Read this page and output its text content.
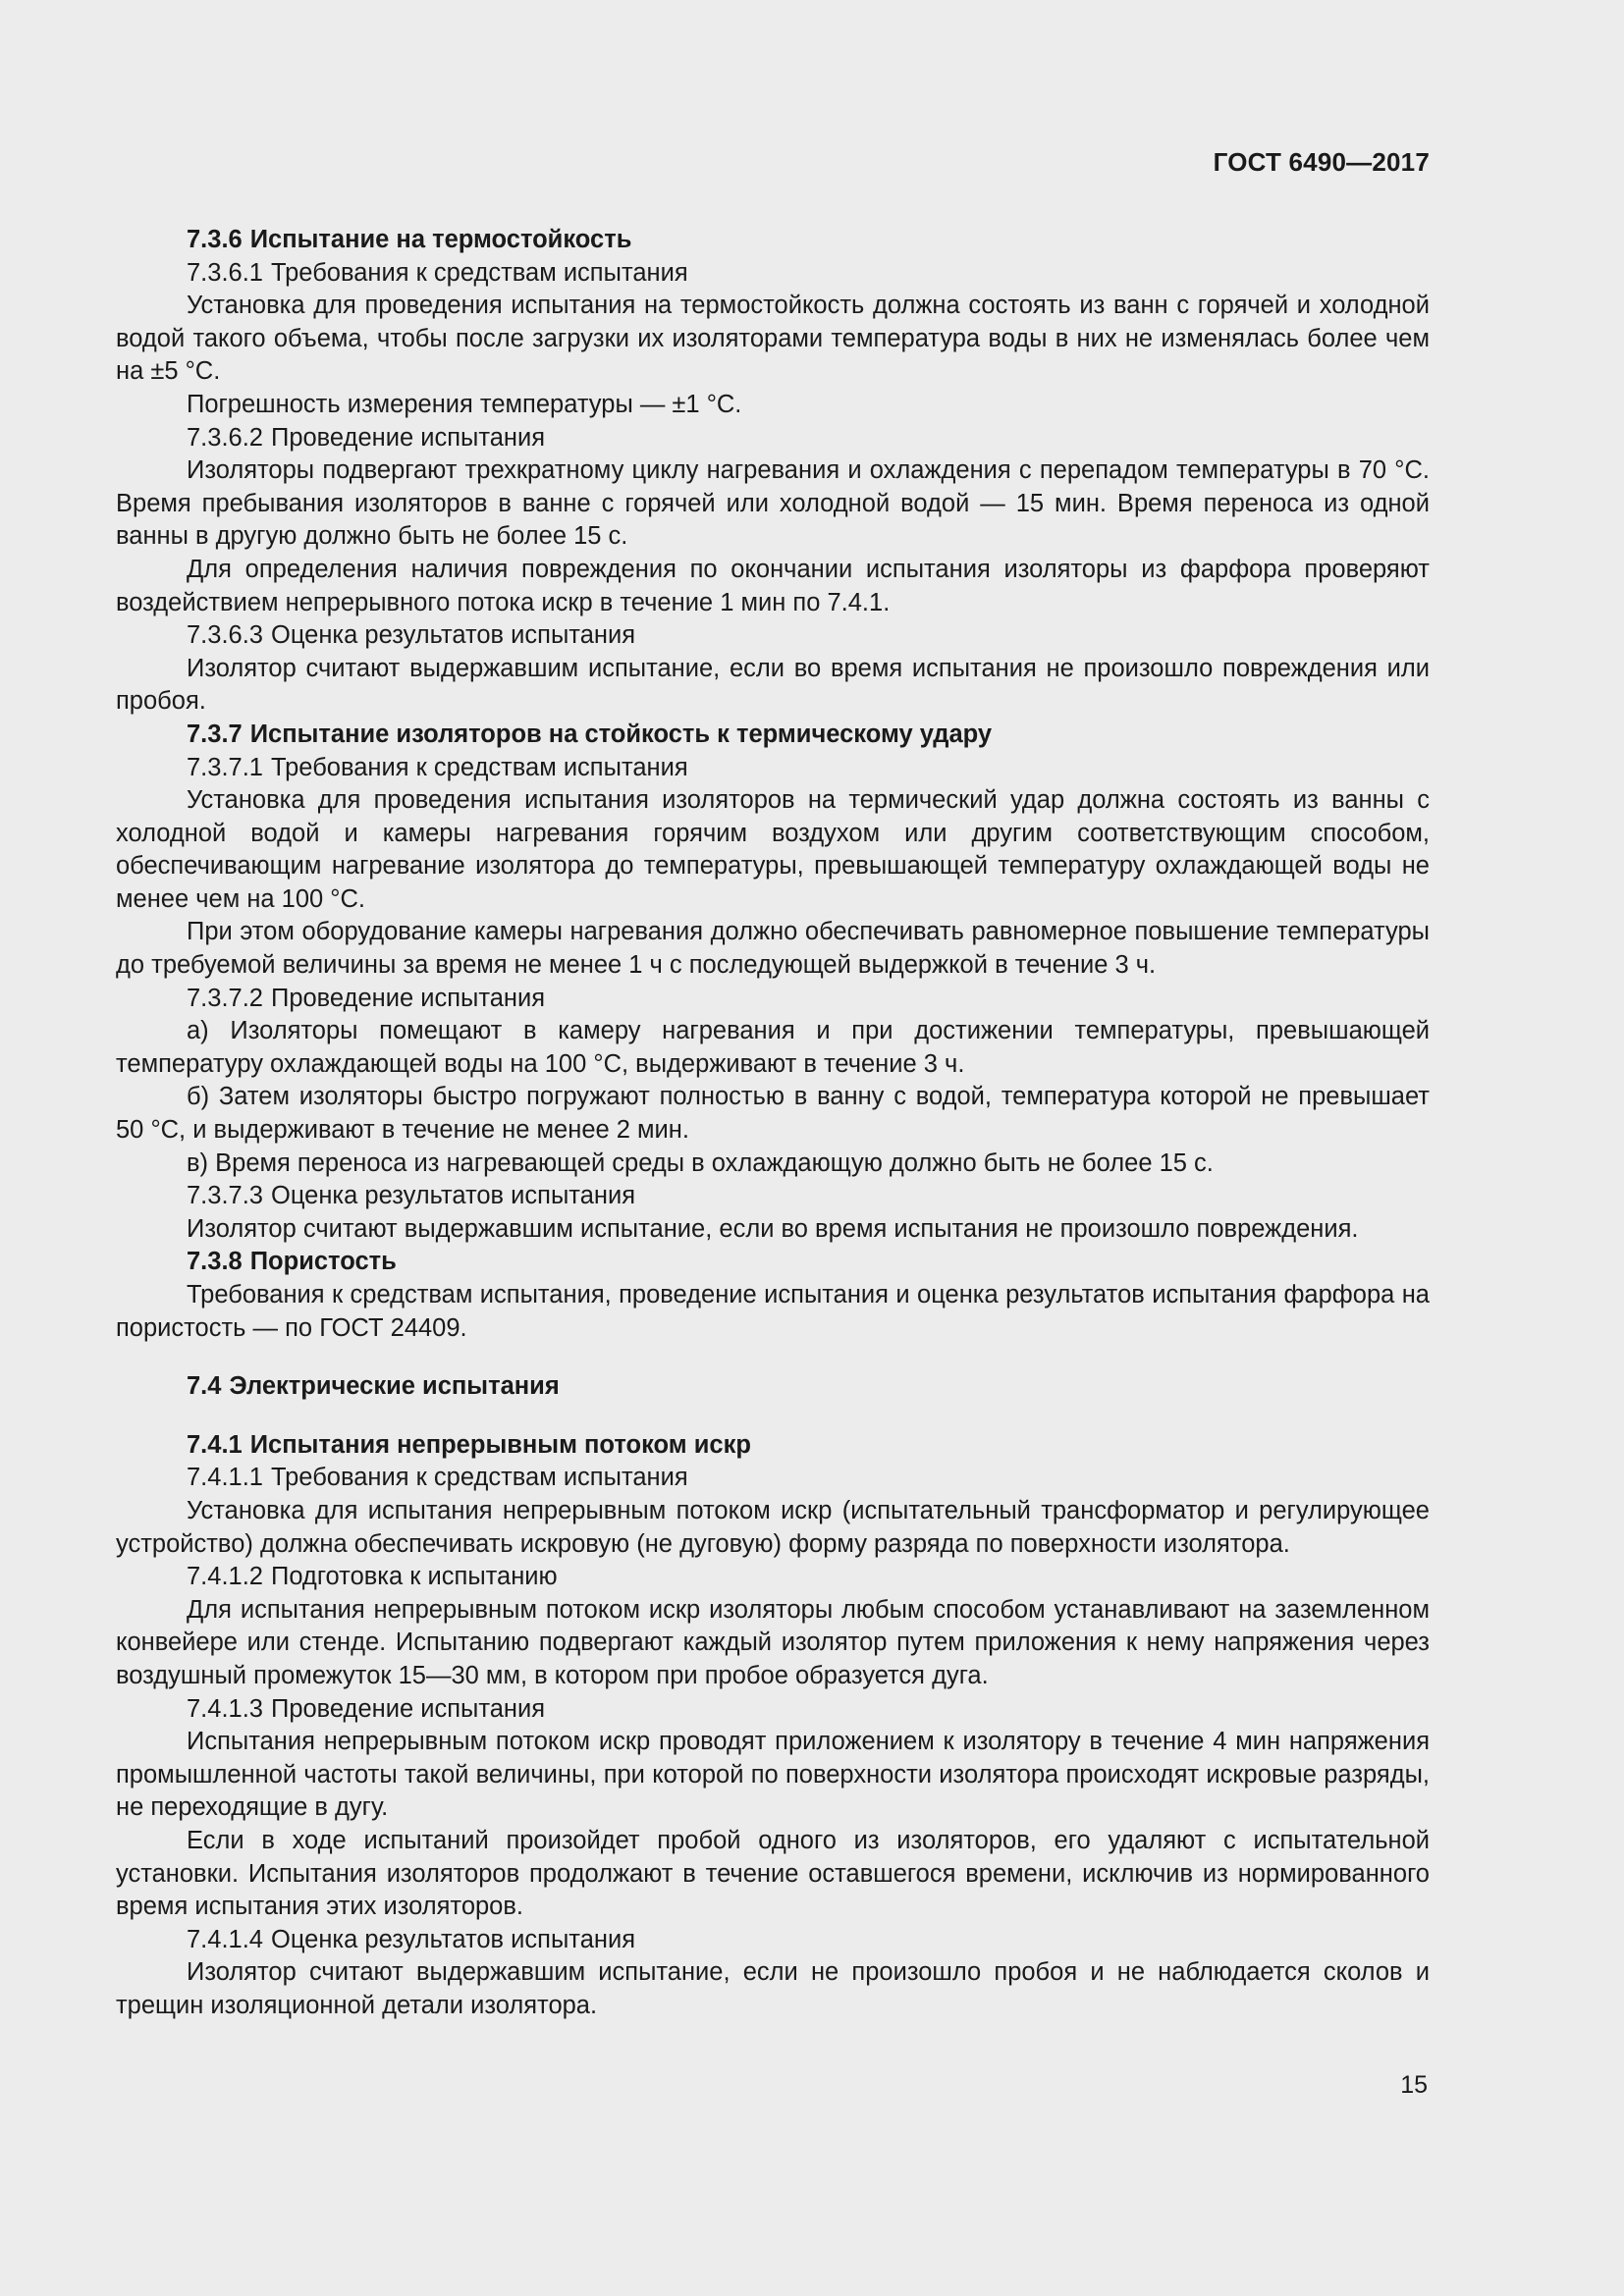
ГОСТ 6490—2017

7.3.6 Испытание на термостойкость

7.3.6.1 Требования к средствам испытания

Установка для проведения испытания на термостойкость должна состоять из ванн с горячей и холодной водой такого объема, чтобы после загрузки их изоляторами температура воды в них не изменялась более чем на ±5 °С.

Погрешность измерения температуры — ±1 °С.

7.3.6.2 Проведение испытания

Изоляторы подвергают трехкратному циклу нагревания и охлаждения с перепадом температуры в 70 °С. Время пребывания изоляторов в ванне с горячей или холодной водой — 15 мин. Время переноса из одной ванны в другую должно быть не более 15 с.

Для определения наличия повреждения по окончании испытания изоляторы из фарфора проверяют воздействием непрерывного потока искр в течение 1 мин по 7.4.1.

7.3.6.3 Оценка результатов испытания

Изолятор считают выдержавшим испытание, если во время испытания не произошло повреждения или пробоя.

7.3.7 Испытание изоляторов на стойкость к термическому удару

7.3.7.1 Требования к средствам испытания

Установка для проведения испытания изоляторов на термический удар должна состоять из ванны с холодной водой и камеры нагревания горячим воздухом или другим соответствующим способом, обеспечивающим нагревание изолятора до температуры, превышающей температуру охлаждающей воды не менее чем на 100 °С.

При этом оборудование камеры нагревания должно обеспечивать равномерное повышение температуры до требуемой величины за время не менее 1 ч с последующей выдержкой в течение 3 ч.

7.3.7.2 Проведение испытания

а) Изоляторы помещают в камеру нагревания и при достижении температуры, превышающей температуру охлаждающей воды на 100 °С, выдерживают в течение 3 ч.

б) Затем изоляторы быстро погружают полностью в ванну с водой, температура которой не превышает 50 °С, и выдерживают в течение не менее 2 мин.

в) Время переноса из нагревающей среды в охлаждающую должно быть не более 15 с.

7.3.7.3 Оценка результатов испытания

Изолятор считают выдержавшим испытание, если во время испытания не произошло повреждения.

7.3.8 Пористость

Требования к средствам испытания, проведение испытания и оценка результатов испытания фарфора на пористость — по ГОСТ 24409.

7.4 Электрические испытания

7.4.1 Испытания непрерывным потоком искр

7.4.1.1 Требования к средствам испытания

Установка для испытания непрерывным потоком искр (испытательный трансформатор и регулирующее устройство) должна обеспечивать искровую (не дуговую) форму разряда по поверхности изолятора.

7.4.1.2 Подготовка к испытанию

Для испытания непрерывным потоком искр изоляторы любым способом устанавливают на заземленном конвейере или стенде. Испытанию подвергают каждый изолятор путем приложения к нему напряжения через воздушный промежуток 15—30 мм, в котором при пробое образуется дуга.

7.4.1.3 Проведение испытания

Испытания непрерывным потоком искр проводят приложением к изолятору в течение 4 мин напряжения промышленной частоты такой величины, при которой по поверхности изолятора происходят искровые разряды, не переходящие в дугу.

Если в ходе испытаний произойдет пробой одного из изоляторов, его удаляют с испытательной установки. Испытания изоляторов продолжают в течение оставшегося времени, исключив из нормированного время испытания этих изоляторов.

7.4.1.4 Оценка результатов испытания

Изолятор считают выдержавшим испытание, если не произошло пробоя и не наблюдается сколов и трещин изоляционной детали изолятора.

15
